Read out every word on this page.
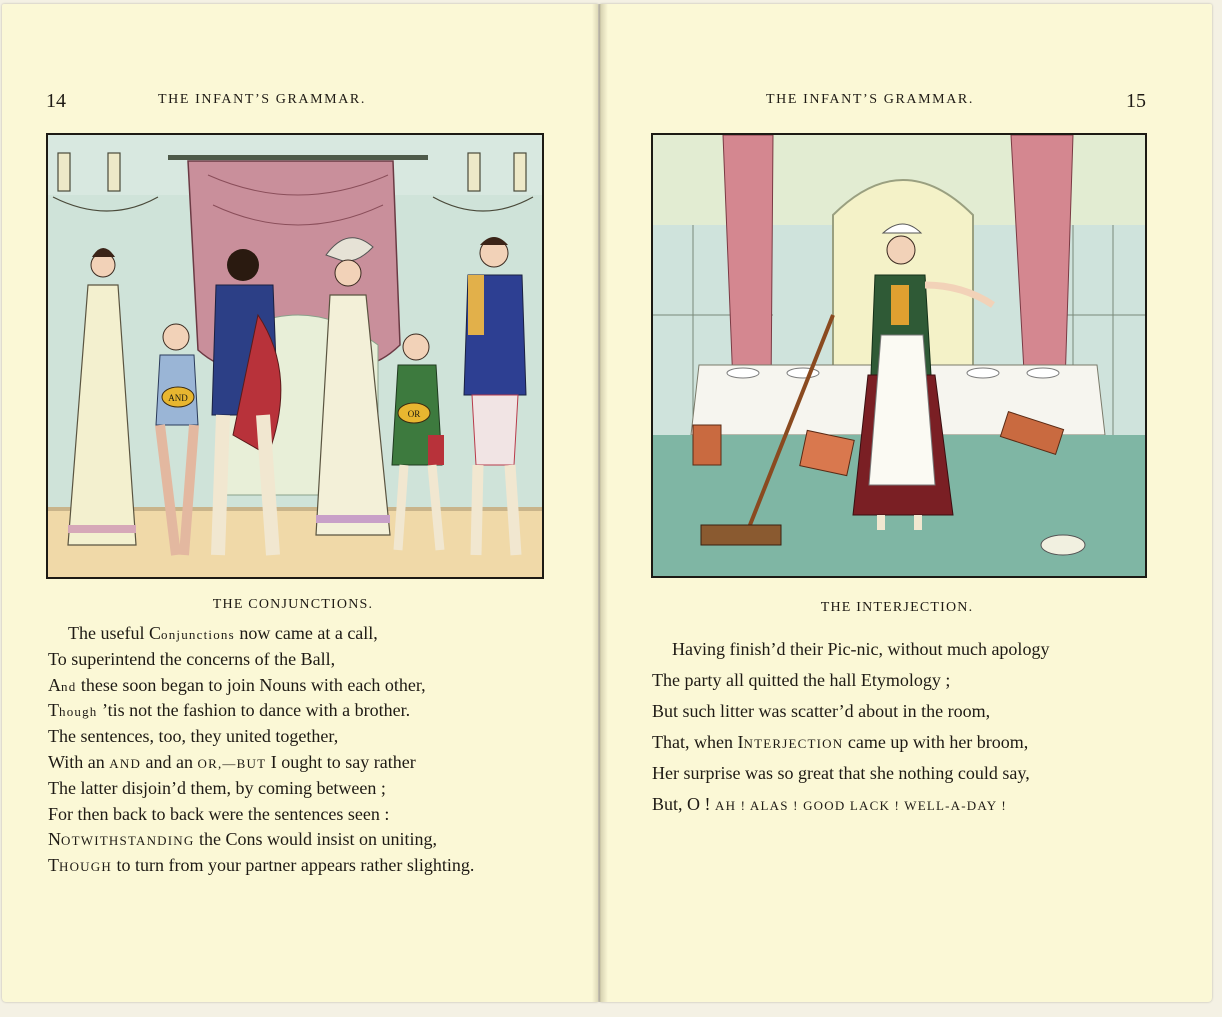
14	THE INFANT’S GRAMMAR.
AND
OR
THE CONJUNCTIONS.
The useful Conjunctions now came at a call,
To superintend the concerns of the Ball,
And these soon began to join Nouns with each other,
Though ’tis not the fashion to dance with a brother.
The sentences, too, they united together,
With an AND and an OR,—BUT I ought to say rather
The latter disjoin’d them, by coming between ;
For then back to back were the sentences seen :
NOTWITHSTANDING the Cons would insist on uniting,
THOUGH to turn from your partner appears rather slighting.
THE INFANT’S GRAMMAR.	15
THE INTERJECTION.
Having finish’d their Pic-nic, without much apology
The party all quitted the hall Etymology ;
But such litter was scatter’d about in the room,
That, when INTERJECTION came up with her broom,
Her surprise was so great that she nothing could say,
But, O ! AH ! ALAS ! GOOD LACK ! WELL-A-DAY !
